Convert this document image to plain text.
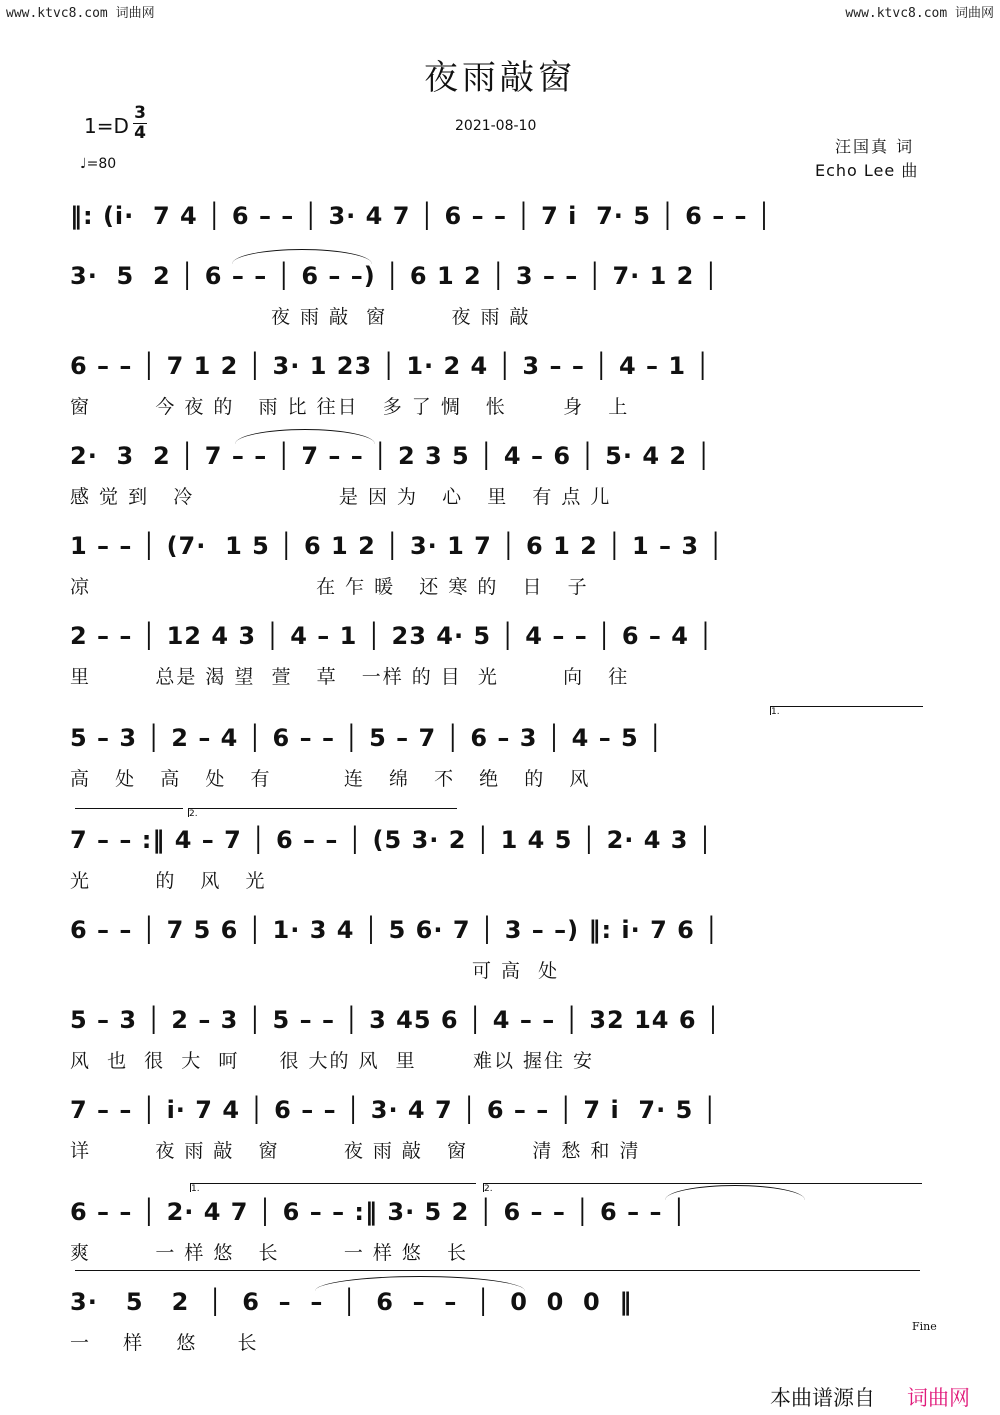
www.ktvc8.com 词曲网	www.ktvc8.com 词曲网
夜雨敲窗
1=D
3
4
♩=80
2021-08-10
汪国真 词
Echo Lee 曲
‖: (i·  7 4 │ 6 – – │ 3· 4 7 │ 6 – – │ 7 i  7· 5 │ 6 – – │
3·  5  2 │ 6 – – │ 6 – –) │ 6 1 2 │ 3 – – │ 7· 1 2 │
夜 雨 敲  窗        夜 雨 敲
6 – – │ 7 1 2 │ 3· 1 23 │ 1· 2 4 │ 3 – – │ 4 – 1 │
窗        今 夜 的   雨 比 往日   多 了 惆   怅       身   上
2·  3  2 │ 7 – – │ 7 – – │ 2 3 5 │ 4 – 6 │ 5· 4 2 │
感 觉 到   冷                  是 因 为   心   里   有 点 儿
1 – – │ (7·  1 5 │ 6 1 2 │ 3· 1 7 │ 6 1 2 │ 1 – 3 │
凉                            在 乍 暖   还 寒 的   日   子
2 – – │ 12 4 3 │ 4 – 1 │ 23 4· 5 │ 4 – – │ 6 – 4 │
里        总是 渴 望  萱   草   一样 的 目  光        向   往
5 – 3 │ 2 – 4 │ 6 – – │ 5 – 7 │ 6 – 3 │ 4 – 5 │
高   处   高   处   有         连   绵   不   绝   的   风
7 – – :‖ 4 – 7 │ 6 – – │ (5 3· 2 │ 1 4 5 │ 2· 4 3 │
光        的   风   光
6 – – │ 7 5 6 │ 1· 3 4 │ 5 6· 7 │ 3 – –) ‖: i· 7 6 │
可 高  处
5 – 3 │ 2 – 3 │ 5 – – │ 3 45 6 │ 4 – – │ 32 14 6 │
风  也  很  大  呵     很 大的 风  里       难以 握住 安
7 – – │ i· 7 4 │ 6 – – │ 3· 4 7 │ 6 – – │ 7 i  7· 5 │
详        夜 雨 敲   窗        夜 雨 敲   窗        清 愁 和 清
6 – – │ 2· 4 7 │ 6 – – :‖ 3· 5 2 │ 6 – – │ 6 – – │
爽        一 样 悠   长        一 样 悠   长
3·   5   2  │  6  –  –  │  6  –  –  │  0  0  0  ‖
一    样    悠     长
1.
2.
1.	2.
Fine
本曲谱源自 词曲网
